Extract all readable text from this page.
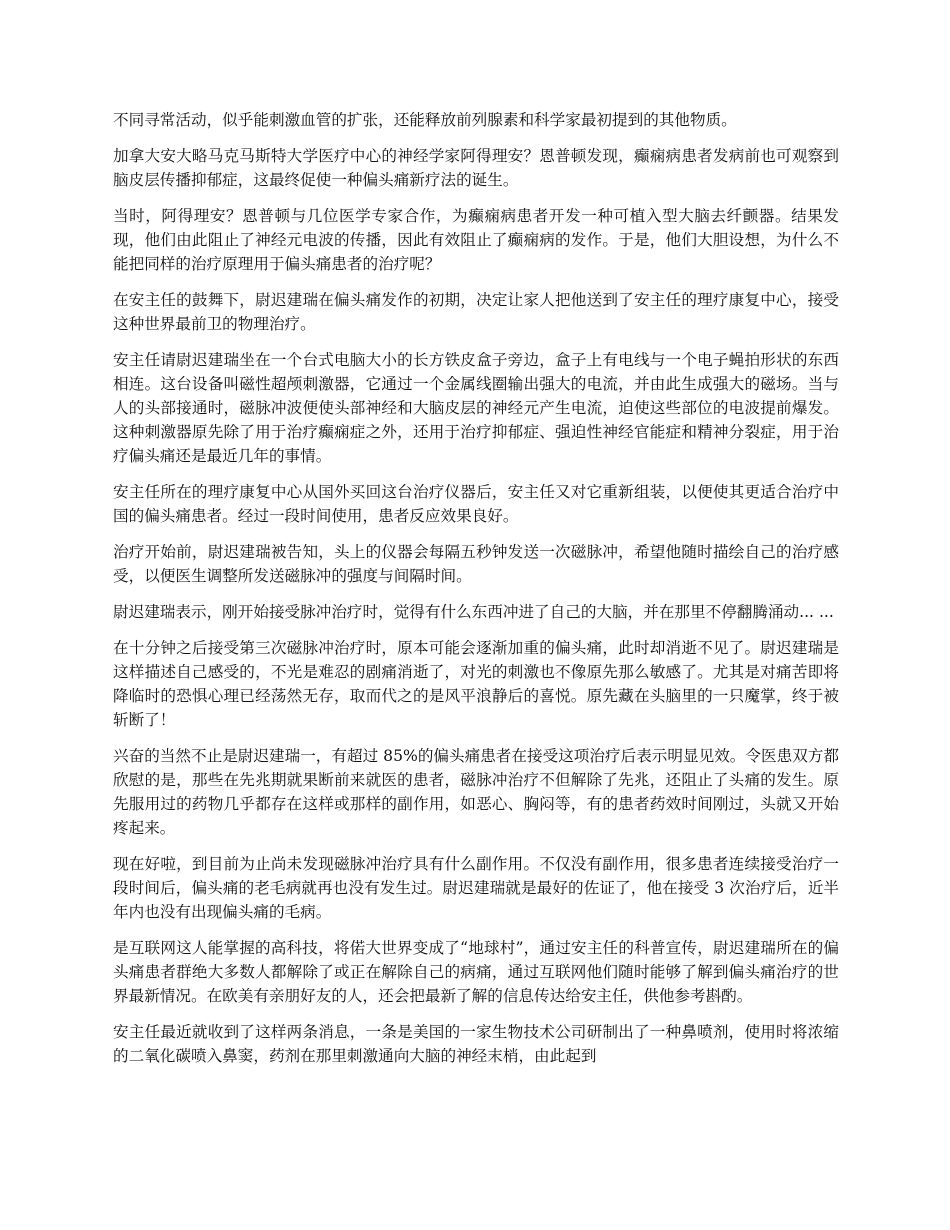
不同寻常活动，似乎能刺激血管的扩张，还能释放前列腺素和科学家最初提到的其他物质。

加拿大安大略马克马斯特大学医疗中心的神经学家阿得理安？恩普顿发现，癫痫病患者发病前也可观察到脑皮层传播抑郁症，这最终促使一种偏头痛新疗法的诞生。

当时，阿得理安？恩普顿与几位医学专家合作，为癫痫病患者开发一种可植入型大脑去纤颤器。结果发现，他们由此阻止了神经元电波的传播，因此有效阻止了癫痫病的发作。于是，他们大胆设想，为什么不能把同样的治疗原理用于偏头痛患者的治疗呢？

在安主任的鼓舞下，尉迟建瑞在偏头痛发作的初期，决定让家人把他送到了安主任的理疗康复中心，接受这种世界最前卫的物理治疗。

安主任请尉迟建瑞坐在一个台式电脑大小的长方铁皮盒子旁边，盒子上有电线与一个电子蝇拍形状的东西相连。这台设备叫磁性超颅刺激器，它通过一个金属线圈输出强大的电流，并由此生成强大的磁场。当与人的头部接通时，磁脉冲波便使头部神经和大脑皮层的神经元产生电流，迫使这些部位的电波提前爆发。这种刺激器原先除了用于治疗癫痫症之外，还用于治疗抑郁症、强迫性神经官能症和精神分裂症，用于治疗偏头痛还是最近几年的事情。

安主任所在的理疗康复中心从国外买回这台治疗仪器后，安主任又对它重新组装，以便使其更适合治疗中国的偏头痛患者。经过一段时间使用，患者反应效果良好。

治疗开始前，尉迟建瑞被告知，头上的仪器会每隔五秒钟发送一次磁脉冲，希望他随时描绘自己的治疗感受，以便医生调整所发送磁脉冲的强度与间隔时间。

尉迟建瑞表示，刚开始接受脉冲治疗时，觉得有什么东西冲进了自己的大脑，并在那里不停翻腾涌动... ...

在十分钟之后接受第三次磁脉冲治疗时，原本可能会逐渐加重的偏头痛，此时却消逝不见了。尉迟建瑞是这样描述自己感受的，不光是难忍的剧痛消逝了，对光的刺激也不像原先那么敏感了。尤其是对痛苦即将降临时的恐惧心理已经荡然无存，取而代之的是风平浪静后的喜悦。原先藏在头脑里的一只魔掌，终于被斩断了！

兴奋的当然不止是尉迟建瑞一，有超过 85%的偏头痛患者在接受这项治疗后表示明显见效。令医患双方都欣慰的是，那些在先兆期就果断前来就医的患者，磁脉冲治疗不但解除了先兆，还阻止了头痛的发生。原先服用过的药物几乎都存在这样或那样的副作用，如恶心、胸闷等，有的患者药效时间刚过，头就又开始疼起来。

现在好啦，到目前为止尚未发现磁脉冲治疗具有什么副作用。不仅没有副作用，很多患者连续接受治疗一段时间后，偏头痛的老毛病就再也没有发生过。尉迟建瑞就是最好的佐证了，他在接受 3 次治疗后，近半年内也没有出现偏头痛的毛病。

是互联网这人能掌握的高科技，将偌大世界变成了“地球村”，通过安主任的科普宣传，尉迟建瑞所在的偏头痛患者群绝大多数人都解除了或正在解除自己的病痛，通过互联网他们随时能够了解到偏头痛治疗的世界最新情况。在欧美有亲朋好友的人，还会把最新了解的信息传达给安主任，供他参考斟酌。

安主任最近就收到了这样两条消息，一条是美国的一家生物技术公司研制出了一种鼻喷剂，使用时将浓缩的二氧化碳喷入鼻窦，药剂在那里刺激通向大脑的神经末梢，由此起到
